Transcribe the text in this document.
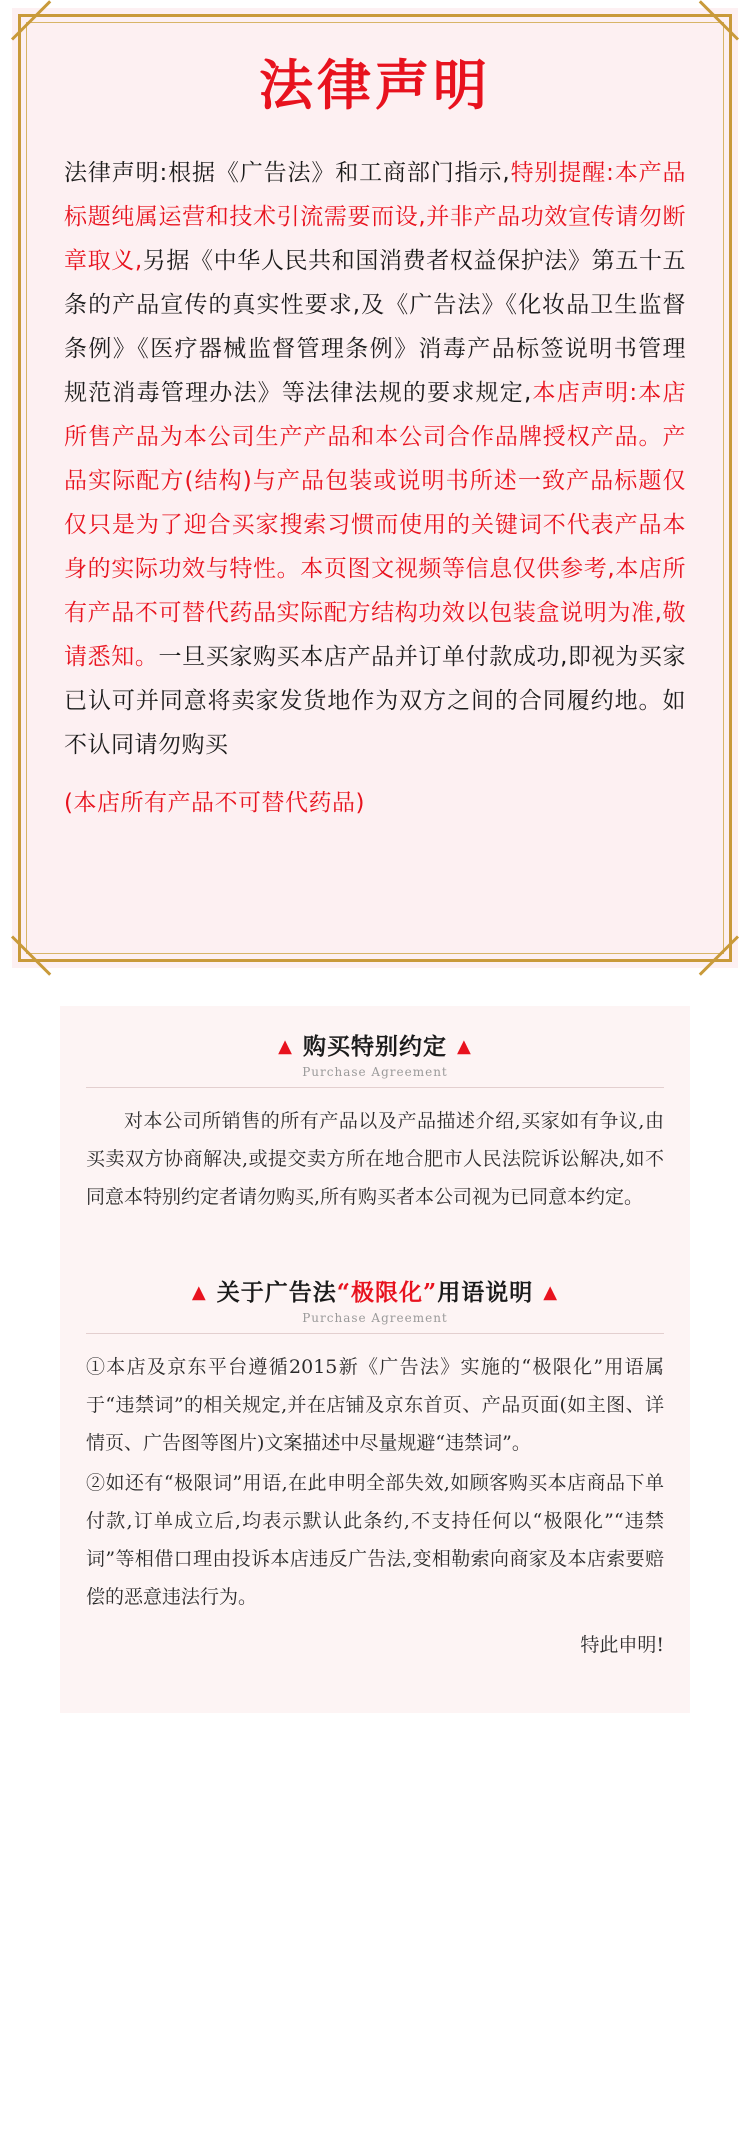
法律声明

法律声明:根据《广告法》和工商部门指示,特别提醒:本产品标题纯属运营和技术引流需要而设,并非产品功效宣传请勿断章取义,另据《中华人民共和国消费者权益保护法》第五十五条的产品宣传的真实性要求,及《广告法》《化妆品卫生监督条例》《医疗器械监督管理条例》消毒产品标签说明书管理规范消毒管理办法》等法律法规的要求规定,本店声明:本店所售产品为本公司生产产品和本公司合作品牌授权产品。产品实际配方(结构)与产品包装或说明书所述一致产品标题仅仅只是为了迎合买家搜索习惯而使用的关键词不代表产品本身的实际功效与特性。本页图文视频等信息仅供参考,本店所有产品不可替代药品实际配方结构功效以包装盒说明为准,敬请悉知。一旦买家购买本店产品并订单付款成功,即视为买家已认可并同意将卖家发货地作为双方之间的合同履约地。如不认同请勿购买

(本店所有产品不可替代药品)
▲ 购买特别约定 ▲
Purchase Agreement

对本公司所销售的所有产品以及产品描述介绍,买家如有争议,由买卖双方协商解决,或提交卖方所在地合肥市人民法院诉讼解决,如不同意本特别约定者请勿购买,所有购买者本公司视为已同意本约定。

▲ 关于广告法“极限化”用语说明 ▲
Purchase Agreement

①本店及京东平台遵循2015新《广告法》实施的“极限化”用语属于“违禁词”的相关规定,并在店铺及京东首页、产品页面(如主图、详情页、广告图等图片)文案描述中尽量规避“违禁词”。

②如还有“极限词”用语,在此申明全部失效,如顾客购买本店商品下单付款,订单成立后,均表示默认此条约,不支持任何以“极限化”“违禁词”等相借口理由投诉本店违反广告法,变相勒索向商家及本店索要赔偿的恶意违法行为。

特此申明!
